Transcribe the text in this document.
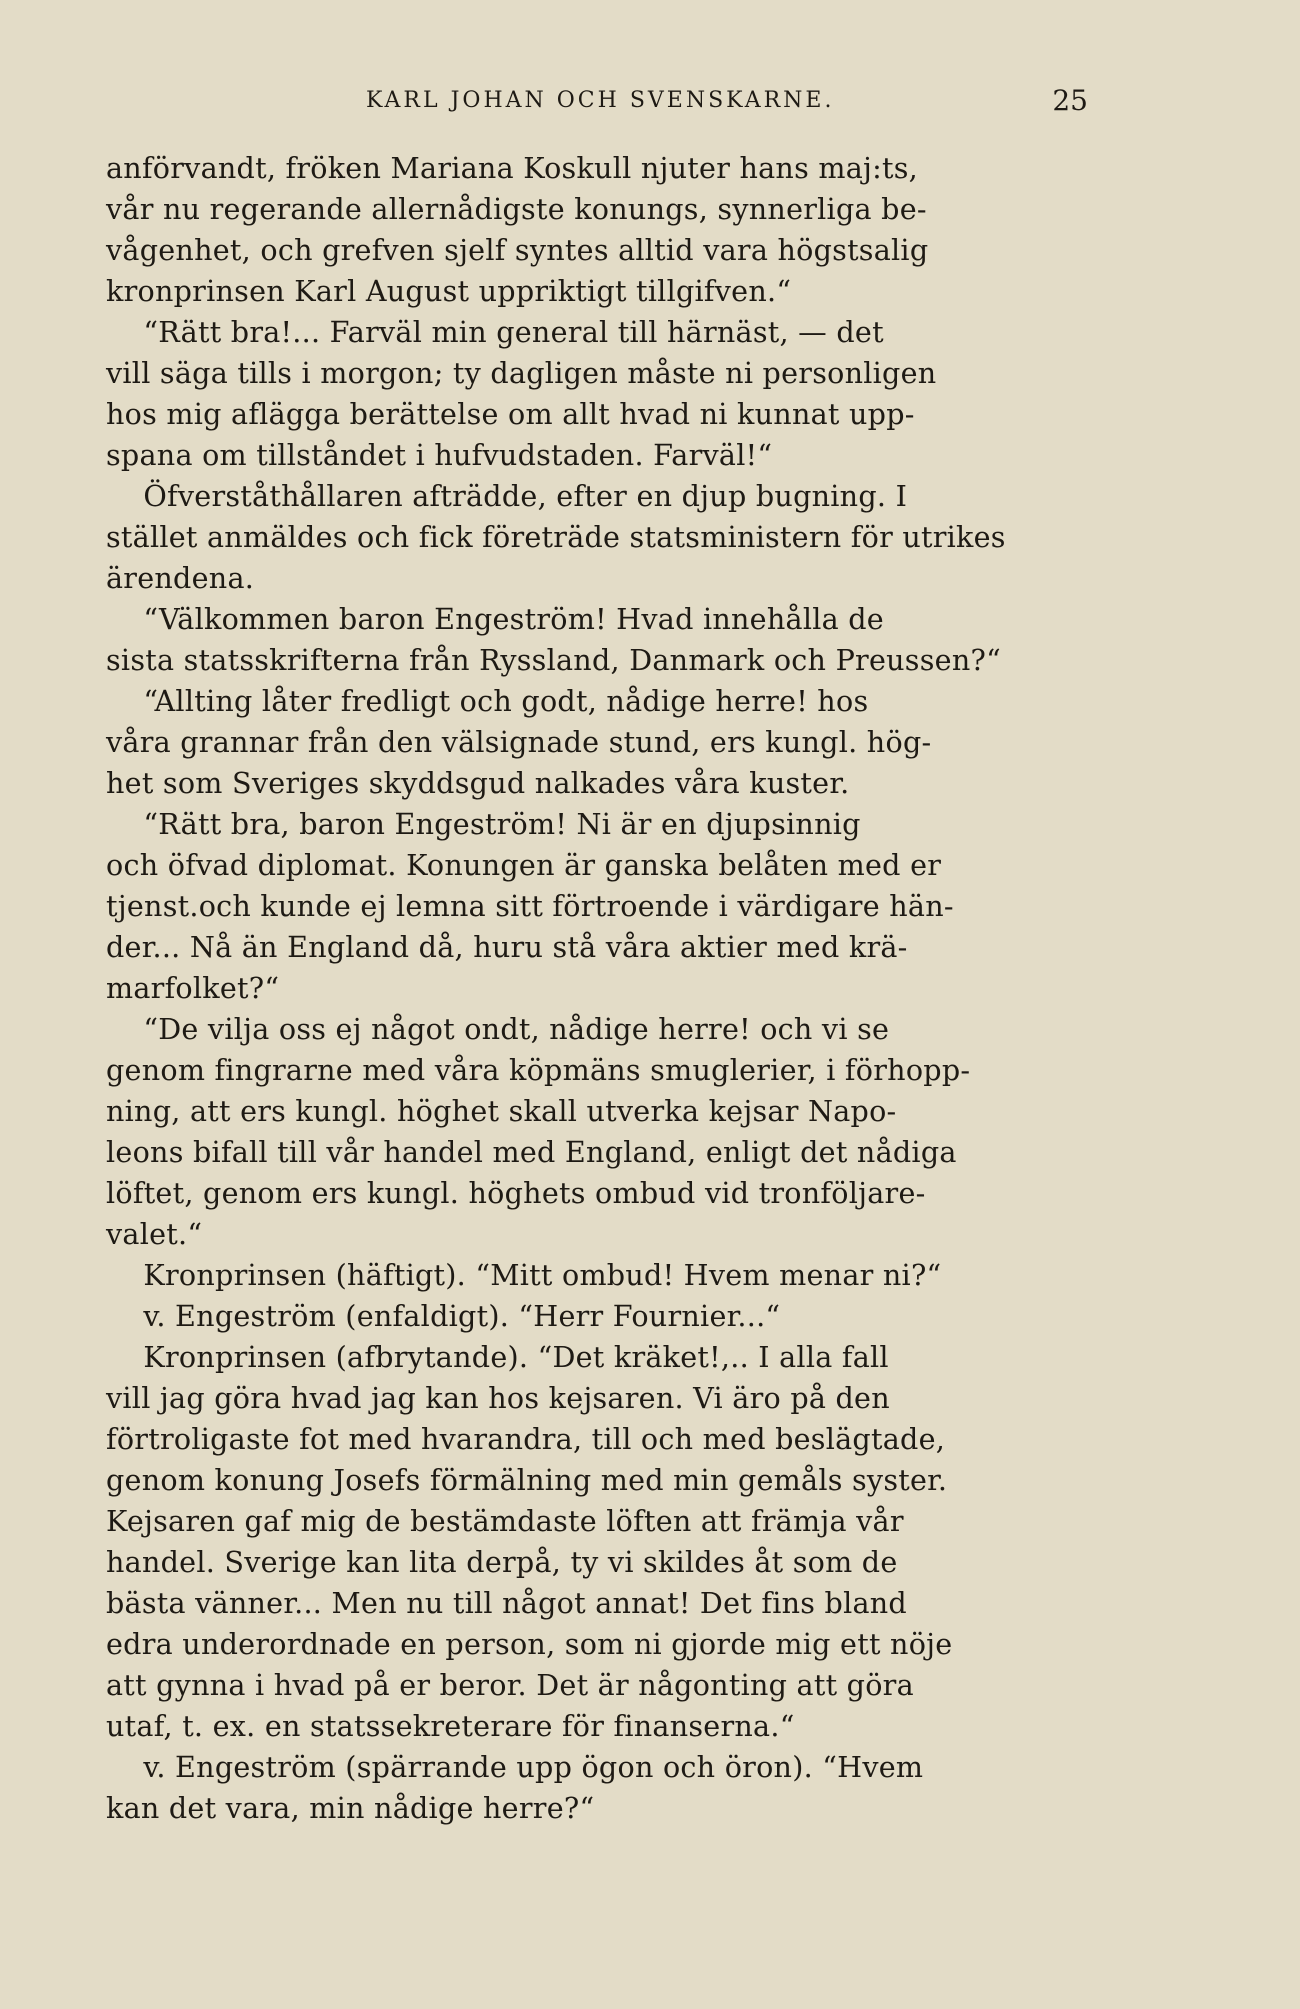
KARL JOHAN OCH SVENSKARNE.	25
anförvandt, fröken Mariana Koskull njuter hans maj:ts,
vår nu regerande allernådigste konungs, synnerliga be-
vågenhet, och grefven sjelf syntes alltid vara högstsalig
kronprinsen Karl August uppriktigt tillgifven.“
“Rätt bra!... Farväl min general till härnäst, — det
vill säga tills i morgon; ty dagligen måste ni personligen
hos mig aflägga berättelse om allt hvad ni kunnat upp-
spana om tillståndet i hufvudstaden. Farväl!“
Öfverståthållaren afträdde, efter en djup bugning. I
stället anmäldes och fick företräde statsministern för utrikes
ärendena.
“Välkommen baron Engeström! Hvad innehålla de
sista statsskrifterna från Ryssland, Danmark och Preussen?“
“Allting låter fredligt och godt, nådige herre! hos
våra grannar från den välsignade stund, ers kungl. hög-
het som Sveriges skyddsgud nalkades våra kuster.
“Rätt bra, baron Engeström! Ni är en djupsinnig
och öfvad diplomat. Konungen är ganska belåten med er
tjenst.och kunde ej lemna sitt förtroende i värdigare hän-
der... Nå än England då, huru stå våra aktier med krä-
marfolket?“
“De vilja oss ej något ondt, nådige herre! och vi se
genom fingrarne med våra köpmäns smuglerier, i förhopp-
ning, att ers kungl. höghet skall utverka kejsar Napo-
leons bifall till vår handel med England, enligt det nådiga
löftet, genom ers kungl. höghets ombud vid tronföljare-
valet.“
Kronprinsen (häftigt). “Mitt ombud! Hvem menar ni?“
v. Engeström (enfaldigt). “Herr Fournier...“
Kronprinsen (afbrytande). “Det kräket!,.. I alla fall
vill jag göra hvad jag kan hos kejsaren. Vi äro på den
förtroligaste fot med hvarandra, till och med beslägtade,
genom konung Josefs förmälning med min gemåls syster.
Kejsaren gaf mig de bestämdaste löften att främja vår
handel. Sverige kan lita derpå, ty vi skildes åt som de
bästa vänner... Men nu till något annat! Det fins bland
edra underordnade en person, som ni gjorde mig ett nöje
att gynna i hvad på er beror. Det är någonting att göra
utaf, t. ex. en statssekreterare för finanserna.“
v. Engeström (spärrande upp ögon och öron). “Hvem
kan det vara, min nådige herre?“
